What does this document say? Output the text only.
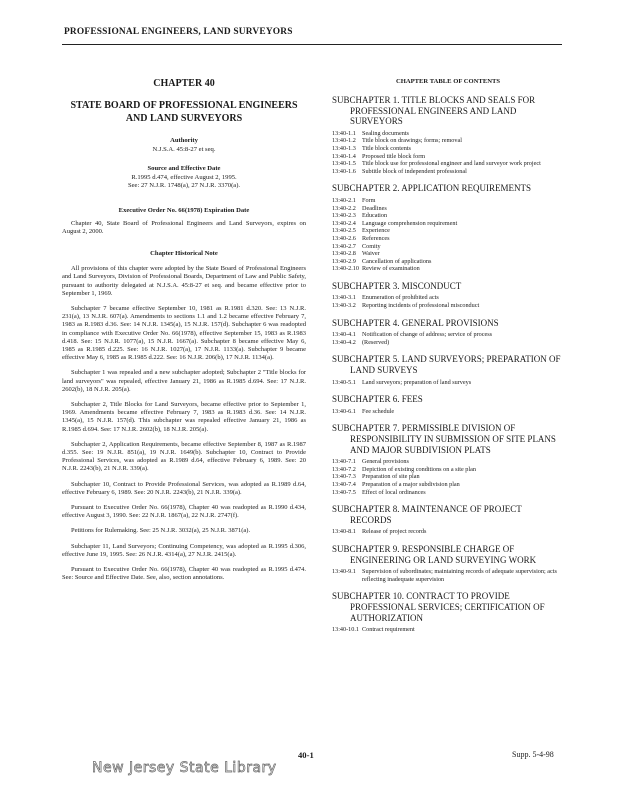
PROFESSIONAL ENGINEERS, LAND SURVEYORS
CHAPTER 40
STATE BOARD OF PROFESSIONAL ENGINEERS AND LAND SURVEYORS
Authority
N.J.S.A. 45:8-27 et seq.
Source and Effective Date
R.1995 d.474, effective August 2, 1995.
See: 27 N.J.R. 1748(a), 27 N.J.R. 3370(a).
Executive Order No. 66(1978) Expiration Date

Chapter 40, State Board of Professional Engineers and Land Surveyors, expires on August 2, 2000.

Chapter Historical Note

All provisions of this chapter were adopted by the State Board of Professional Engineers and Land Surveyors, Division of Professional Boards, Department of Law and Public Safety, pursuant to authority delegated at N.J.S.A. 45:8-27 et seq. and became effective prior to September 1, 1969.

Subchapter 7 became effective September 10, 1981 as R.1981 d.320. See: 13 N.J.R. 231(a), 13 N.J.R. 607(a). Amendments to sections 1.1 and 1.2 became effective February 7, 1983 as R.1983 d.36. See: 14 N.J.R. 1345(a), 15 N.J.R. 157(d). Subchapter 6 was readopted in compliance with Executive Order No. 66(1978), effective September 15, 1983 as R.1983 d.418. See: 15 N.J.R. 1077(a), 15 N.J.R. 1667(a). Subchapter 8 became effective May 6, 1985 as R.1985 d.225. See: 16 N.J.R. 1027(a), 17 N.J.R. 1133(a). Subchapter 9 became effective May 6, 1985 as R.1985 d.222. See: 16 N.J.R. 206(b), 17 N.J.R. 1134(a).

Subchapter 1 was repealed and a new subchapter adopted; Subchapter 2 "Title blocks for land surveyors" was repealed, effective January 21, 1986 as R.1985 d.694. See: 17 N.J.R. 2602(b), 18 N.J.R. 205(a).

Subchapter 2, Title Blocks for Land Surveyors, became effective prior to September 1, 1969. Amendments became effective February 7, 1983 as R.1983 d.36. See: 14 N.J.R. 1345(a), 15 N.J.R. 157(d). This subchapter was repealed effective January 21, 1986 as R.1985 d.694. See: 17 N.J.R. 2602(b), 18 N.J.R. 205(a).

Subchapter 2, Application Requirements, became effective September 8, 1987 as R.1987 d.355. See: 19 N.J.R. 851(a), 19 N.J.R. 1649(b). Subchapter 10, Contract to Provide Professional Services, was adopted as R.1989 d.64, effective February 6, 1989. See: 20 N.J.R. 2243(b), 21 N.J.R. 339(a).

Subchapter 10, Contract to Provide Professional Services, was adopted as R.1989 d.64, effective February 6, 1989. See: 20 N.J.R. 2243(b), 21 N.J.R. 339(a).

Pursuant to Executive Order No. 66(1978), Chapter 40 was readopted as R.1990 d.434, effective August 3, 1990. See: 22 N.J.R. 1867(a), 22 N.J.R. 2747(f).

Petitions for Rulemaking. See: 25 N.J.R. 3032(a), 25 N.J.R. 3871(a).

Subchapter 11, Land Surveyors; Continuing Competency, was adopted as R.1995 d.306, effective June 19, 1995. See: 26 N.J.R. 4314(a), 27 N.J.R. 2415(a).

Pursuant to Executive Order No. 66(1978), Chapter 40 was readopted as R.1995 d.474. See: Source and Effective Date. See, also, section annotations.

CHAPTER TABLE OF CONTENTS
SUBCHAPTER 1. TITLE BLOCKS AND SEALS FOR PROFESSIONAL ENGINEERS AND LAND SURVEYORS
13:40-1.1 Sealing documents
13:40-1.2 Title block on drawings; forms; removal
13:40-1.3 Title block contents
13:40-1.4 Proposed title block form
13:40-1.5 Title block use for professional engineer and land surveyor work project
13:40-1.6 Subtitle block of independent professional
SUBCHAPTER 2. APPLICATION REQUIREMENTS
13:40-2.1 Form
13:40-2.2 Deadlines
13:40-2.3 Education
13:40-2.4 Language comprehension requirement
13:40-2.5 Experience
13:40-2.6 References
13:40-2.7 Comity
13:40-2.8 Waiver
13:40-2.9 Cancellation of applications
13:40-2.10 Review of examination
SUBCHAPTER 3. MISCONDUCT
13:40-3.1 Enumeration of prohibited acts
13:40-3.2 Reporting incidents of professional misconduct
SUBCHAPTER 4. GENERAL PROVISIONS
13:40-4.1 Notification of change of address; service of process
13:40-4.2 (Reserved)
SUBCHAPTER 5. LAND SURVEYORS; PREPARATION OF LAND SURVEYS
13:40-5.1 Land surveyors; preparation of land surveys
SUBCHAPTER 6. FEES
13:40-6.1 Fee schedule
SUBCHAPTER 7. PERMISSIBLE DIVISION OF RESPONSIBILITY IN SUBMISSION OF SITE PLANS AND MAJOR SUBDIVISION PLATS
13:40-7.1 General provisions
13:40-7.2 Depiction of existing conditions on a site plan
13:40-7.3 Preparation of site plan
13:40-7.4 Preparation of a major subdivision plan
13:40-7.5 Effect of local ordinances
SUBCHAPTER 8. MAINTENANCE OF PROJECT RECORDS
13:40-8.1 Release of project records
SUBCHAPTER 9. RESPONSIBLE CHARGE OF ENGINEERING OR LAND SURVEYING WORK
13:40-9.1 Supervision of subordinates; maintaining records of adequate supervision; acts reflecting inadequate supervision
SUBCHAPTER 10. CONTRACT TO PROVIDE PROFESSIONAL SERVICES; CERTIFICATION OF AUTHORIZATION
13:40-10.1 Contract requirement
40-1	Supp. 5-4-98
New Jersey State Library
